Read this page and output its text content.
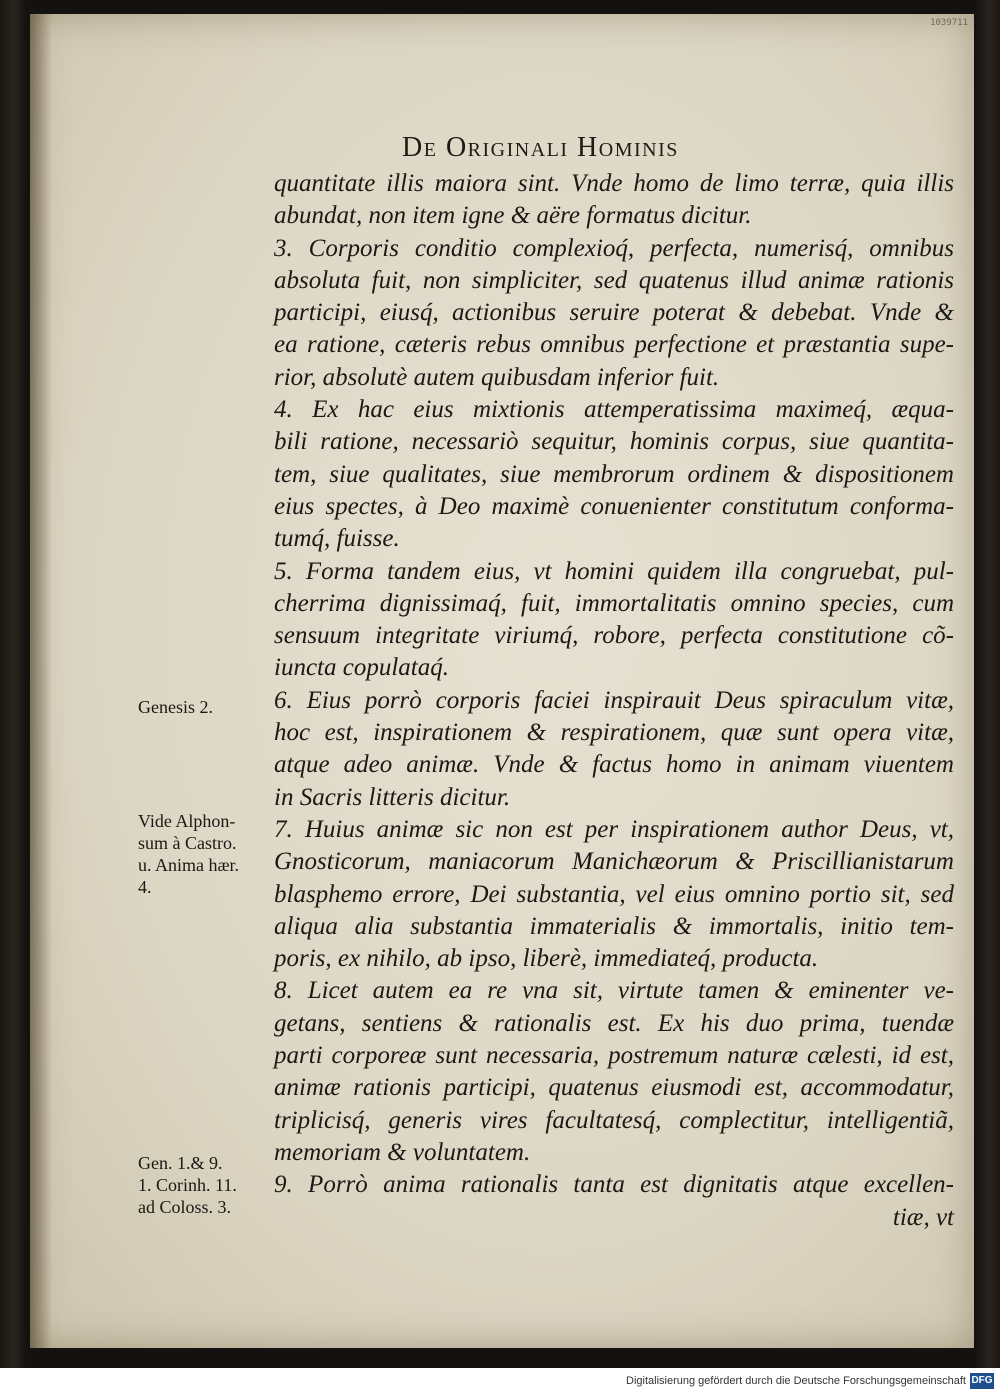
1039711
De Originali Hominis
quantitate illis maiora sint. Vnde homo de limo terræ, quia illis
abundat, non item igne & aëre formatus dicitur.
3. Corporis conditio complexioq́, perfecta, numerisq́, omnibus
absoluta fuit, non simpliciter, sed quatenus illud animæ rationis
participi, eiusq́, actionibus seruire poterat & debebat. Vnde &
ea ratione, cæteris rebus omnibus perfectione et præstantia supe-
rior, absolutè autem quibusdam inferior fuit.
4. Ex hac eius mixtionis attemperatissima maximeq́, æqua-
bili ratione, necessariò sequitur, hominis corpus, siue quantita-
tem, siue qualitates, siue membrorum ordinem & dispositionem
eius spectes, à Deo maximè conuenienter constitutum conforma-
tumq́, fuisse.
5. Forma tandem eius, vt homini quidem illa congruebat, pul-
cherrima dignissimaq́, fuit, immortalitatis omnino species, cum
sensuum integritate viriumq́, robore, perfecta constitutione cõ-
iuncta copulataq́.
6. Eius porrò corporis faciei inspirauit Deus spiraculum vitæ,
hoc est, inspirationem & respirationem, quæ sunt opera vitæ,
atque adeo animæ. Vnde & factus homo in animam viuentem
in Sacris litteris dicitur.
7. Huius animæ sic non est per inspirationem author Deus, vt,
Gnosticorum, maniacorum Manichæorum & Priscillianistarum
blasphemo errore, Dei substantia, vel eius omnino portio sit, sed
aliqua alia substantia immaterialis & immortalis, initio tem-
poris, ex nihilo, ab ipso, liberè, immediateq́, producta.
8. Licet autem ea re vna sit, virtute tamen & eminenter ve-
getans, sentiens & rationalis est. Ex his duo prima, tuendæ
parti corporeæ sunt necessaria, postremum naturæ cælesti, id est,
animæ rationis participi, quatenus eiusmodi est, accommodatur,
triplicisq́, generis vires facultatesq́, complectitur, intelligentiã,
memoriam & voluntatem.
9. Porrò anima rationalis tanta est dignitatis atque excellen-
tiæ, vt
Genesis 2.
Vide Alphon-
sum à Castro.
u. Anima hær.
4.
Gen. 1.& 9.
1. Corinh. 11.
ad Coloss. 3.
Digitalisierung gefördert durch die Deutsche Forschungsgemeinschaft DFG
